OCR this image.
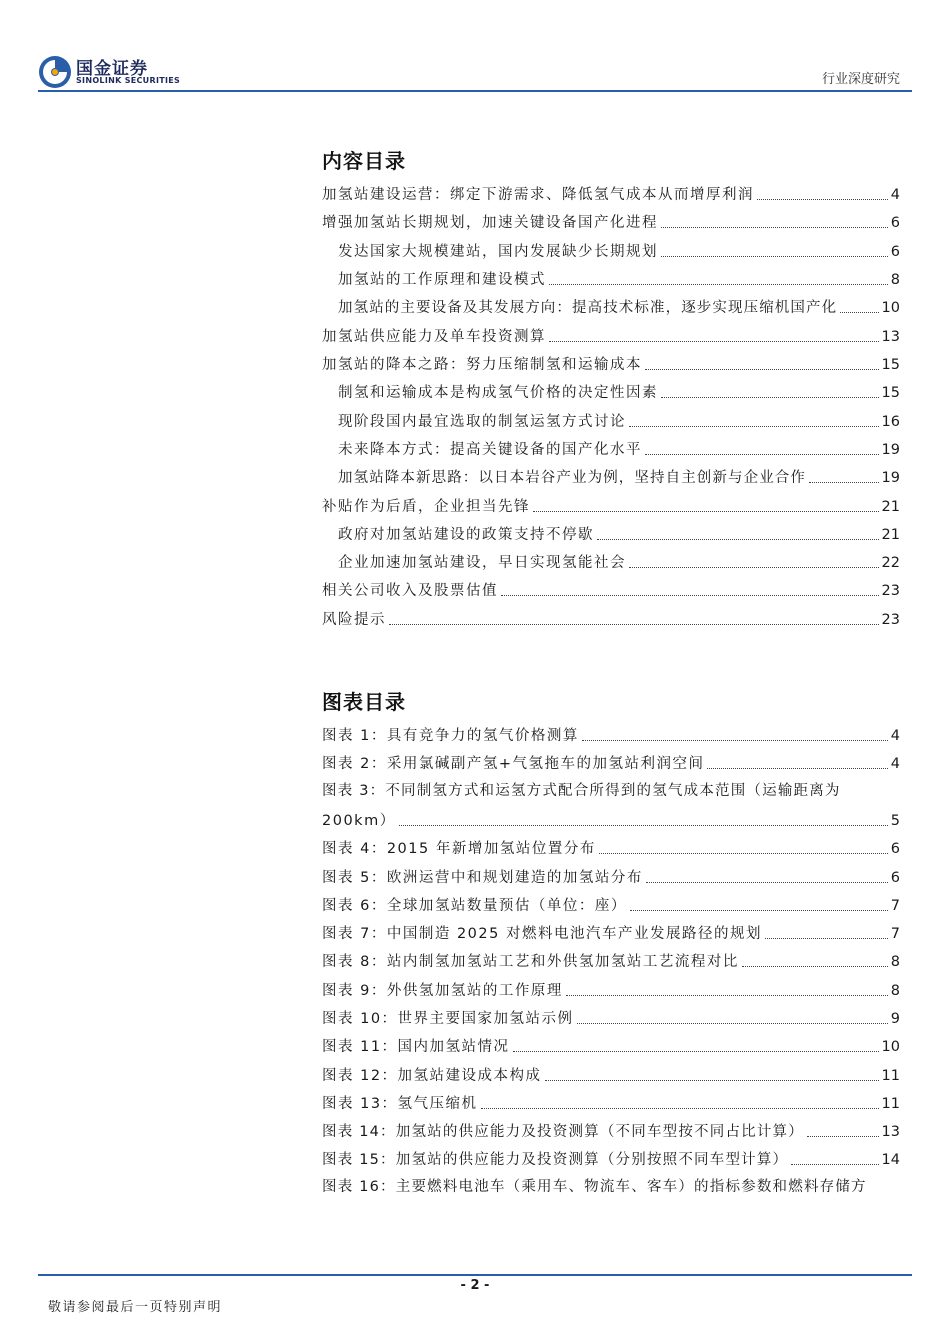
国金证券
SINOLINK SECURITIES	行业深度研究
内容目录
加氢站建设运营：绑定下游需求、降低氢气成本从而增厚利润	4
增强加氢站长期规划，加速关键设备国产化进程	6
发达国家大规模建站，国内发展缺少长期规划	6
加氢站的工作原理和建设模式	8
加氢站的主要设备及其发展方向：提高技术标准，逐步实现压缩机国产化	10
加氢站供应能力及单车投资测算	13
加氢站的降本之路：努力压缩制氢和运输成本	15
制氢和运输成本是构成氢气价格的决定性因素	15
现阶段国内最宜选取的制氢运氢方式讨论	16
未来降本方式：提高关键设备的国产化水平	19
加氢站降本新思路：以日本岩谷产业为例，坚持自主创新与企业合作	19
补贴作为后盾，企业担当先锋	21
政府对加氢站建设的政策支持不停歇	21
企业加速加氢站建设，早日实现氢能社会	22
相关公司收入及股票估值	23
风险提示	23
图表目录
图表 1：具有竞争力的氢气价格测算	4
图表 2：采用氯碱副产氢+气氢拖车的加氢站利润空间	4
图表 3：不同制氢方式和运氢方式配合所得到的氢气成本范围（运输距离为
200km）	5
图表 4：2015 年新增加氢站位置分布	6
图表 5：欧洲运营中和规划建造的加氢站分布	6
图表 6：全球加氢站数量预估（单位：座）	7
图表 7：中国制造 2025 对燃料电池汽车产业发展路径的规划	7
图表 8：站内制氢加氢站工艺和外供氢加氢站工艺流程对比	8
图表 9：外供氢加氢站的工作原理	8
图表 10：世界主要国家加氢站示例	9
图表 11：国内加氢站情况	10
图表 12：加氢站建设成本构成	11
图表 13：氢气压缩机	11
图表 14：加氢站的供应能力及投资测算（不同车型按不同占比计算）	13
图表 15：加氢站的供应能力及投资测算（分别按照不同车型计算）	14
图表 16：主要燃料电池车（乘用车、物流车、客车）的指标参数和燃料存储方
- 2 -
敬请参阅最后一页特别声明
